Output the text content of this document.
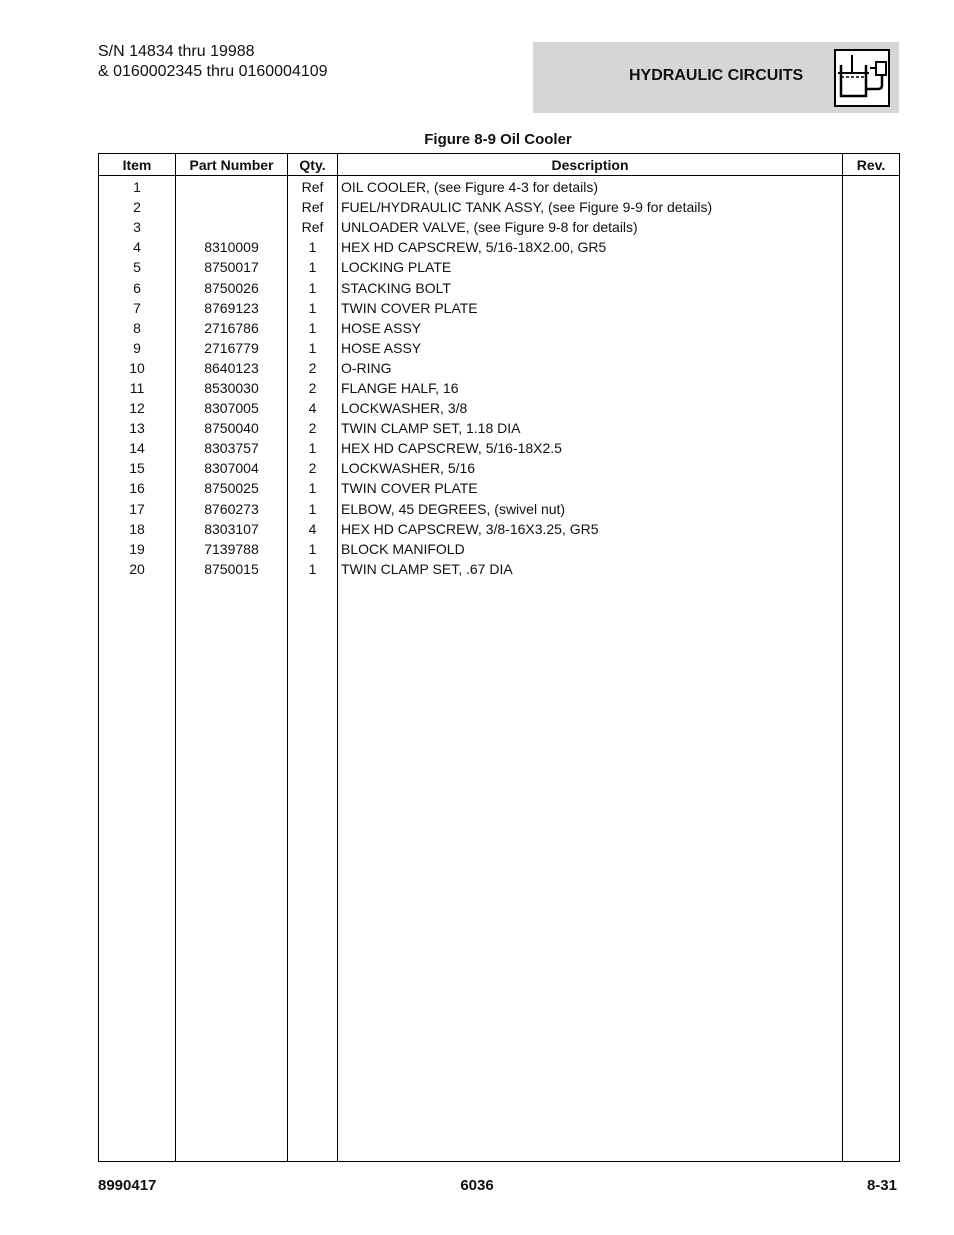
S/N 14834 thru 19988
& 0160002345 thru 0160004109	HYDRAULIC CIRCUITS
Figure 8-9 Oil Cooler
Item	Part Number	Qty.	Description	Rev.
1		Ref	OIL COOLER, (see Figure 4-3 for details)	
2		Ref	FUEL/HYDRAULIC TANK ASSY, (see Figure 9-9 for details)	
3		Ref	UNLOADER VALVE, (see Figure 9-8 for details)	
4	8310009	1	HEX HD CAPSCREW, 5/16-18X2.00, GR5	
5	8750017	1	LOCKING PLATE	
6	8750026	1	STACKING BOLT	
7	8769123	1	TWIN COVER PLATE	
8	2716786	1	HOSE ASSY	
9	2716779	1	HOSE ASSY	
10	8640123	2	O-RING	
11	8530030	2	FLANGE HALF, 16	
12	8307005	4	LOCKWASHER, 3/8	
13	8750040	2	TWIN CLAMP SET, 1.18 DIA	
14	8303757	1	HEX HD CAPSCREW, 5/16-18X2.5	
15	8307004	2	LOCKWASHER, 5/16	
16	8750025	1	TWIN COVER PLATE	
17	8760273	1	ELBOW, 45 DEGREES, (swivel nut)	
18	8303107	4	HEX HD CAPSCREW, 3/8-16X3.25, GR5	
19	7139788	1	BLOCK MANIFOLD	
20	8750015	1	TWIN CLAMP SET, .67 DIA	

8990417	6036	8-31
